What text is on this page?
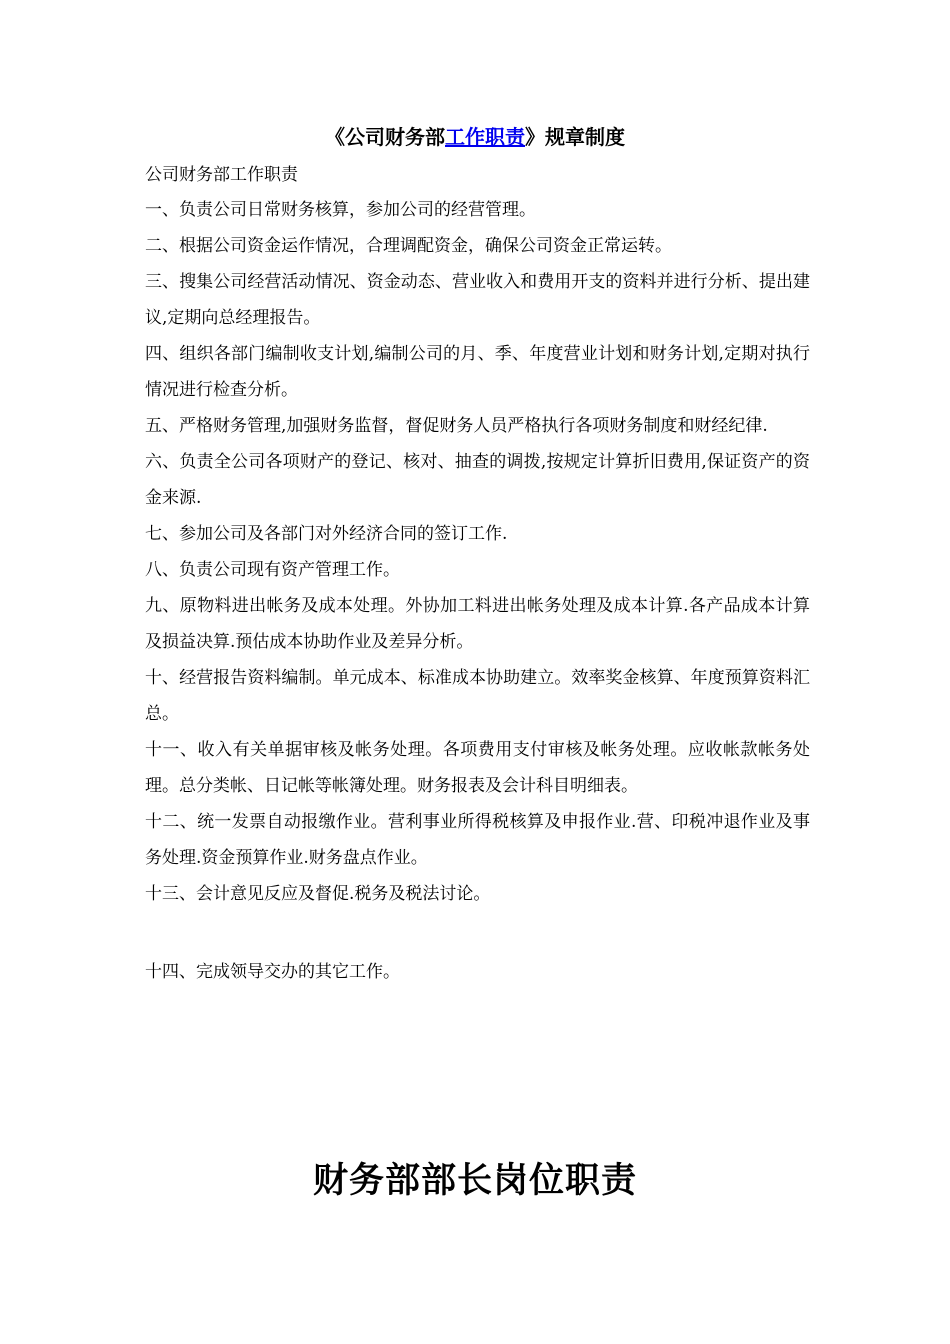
《公司财务部工作职责》规章制度
公司财务部工作职责

一、负责公司日常财务核算，参加公司的经营管理。

二、根据公司资金运作情况，合理调配资金，确保公司资金正常运转。

三、搜集公司经营活动情况、资金动态、营业收入和费用开支的资料并进行分析、提出建议,定期向总经理报告。

四、组织各部门编制收支计划,编制公司的月、季、年度营业计划和财务计划,定期对执行情况进行检查分析。

五、严格财务管理,加强财务监督，督促财务人员严格执行各项财务制度和财经纪律.

六、负责全公司各项财产的登记、核对、抽查的调拨,按规定计算折旧费用,保证资产的资金来源.

七、参加公司及各部门对外经济合同的签订工作.

八、负责公司现有资产管理工作。

九、原物料进出帐务及成本处理。外协加工料进出帐务处理及成本计算.各产品成本计算及损益决算.预估成本协助作业及差异分析。

十、经营报告资料编制。单元成本、标准成本协助建立。效率奖金核算、年度预算资料汇总。

十一、收入有关单据审核及帐务处理。各项费用支付审核及帐务处理。应收帐款帐务处理。总分类帐、日记帐等帐簿处理。财务报表及会计科目明细表。

十二、统一发票自动报缴作业。营利事业所得税核算及申报作业.营、印税冲退作业及事务处理.资金预算作业.财务盘点作业。

十三、会计意见反应及督促.税务及税法讨论。

十四、完成领导交办的其它工作。
财务部部长岗位职责
